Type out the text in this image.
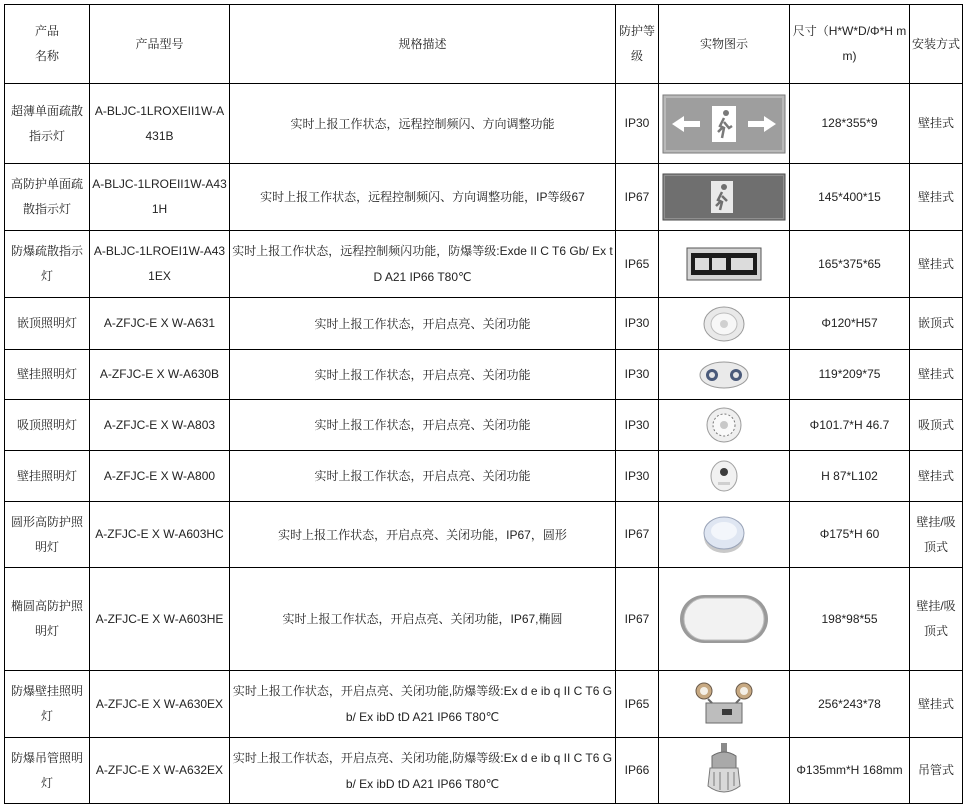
产品
名称	产品型号	规格描述	防护等级	实物图示	尺寸（H*W*D/Φ*H mm)	安装方式
超薄单面疏散指示灯	A-BLJC-1LROXEII1W-A431B	实时上报工作状态，远程控制频闪、方向调整功能	IP30		128*355*9	壁挂式
高防护单面疏散指示灯	A-BLJC-1LROEII1W-A431H	实时上报工作状态，远程控制频闪、方向调整功能，IP等级67	IP67		145*400*15	壁挂式
防爆疏散指示灯	A-BLJC-1LROEI1W-A431EX	实时上报工作状态，远程控制频闪功能，防爆等级:Exde II C T6 Gb/ Ex tD A21 IP66 T80℃	IP65		165*375*65	壁挂式
嵌顶照明灯	A-ZFJC-E X W-A631	实时上报工作状态，开启点亮、关闭功能	IP30		Φ120*H57	嵌顶式
壁挂照明灯	A-ZFJC-E X W-A630B	实时上报工作状态，开启点亮、关闭功能	IP30		119*209*75	壁挂式
吸顶照明灯	A-ZFJC-E X W-A803	实时上报工作状态，开启点亮、关闭功能	IP30		Φ101.7*H 46.7	吸顶式
壁挂照明灯	A-ZFJC-E X W-A800	实时上报工作状态，开启点亮、关闭功能	IP30		H 87*L102	壁挂式
圆形高防护照明灯	A-ZFJC-E X W-A603HC	实时上报工作状态，开启点亮、关闭功能，IP67，圆形	IP67		Φ175*H 60	壁挂/吸顶式
椭圆高防护照明灯	A-ZFJC-E X W-A603HE	实时上报工作状态，开启点亮、关闭功能，IP67,椭圆	IP67		198*98*55	壁挂/吸顶式
防爆壁挂照明灯	A-ZFJC-E X W-A630EX	实时上报工作状态，开启点亮、关闭功能,防爆等级:Ex d e ib q II C T6 Gb/ Ex ibD tD A21 IP66 T80℃	IP65		256*243*78	壁挂式
防爆吊管照明灯	A-ZFJC-E X W-A632EX	实时上报工作状态，开启点亮、关闭功能,防爆等级:Ex d e ib q II C T6 Gb/ Ex ibD tD A21 IP66 T80℃	IP66		Φ135mm*H 168mm	吊管式
